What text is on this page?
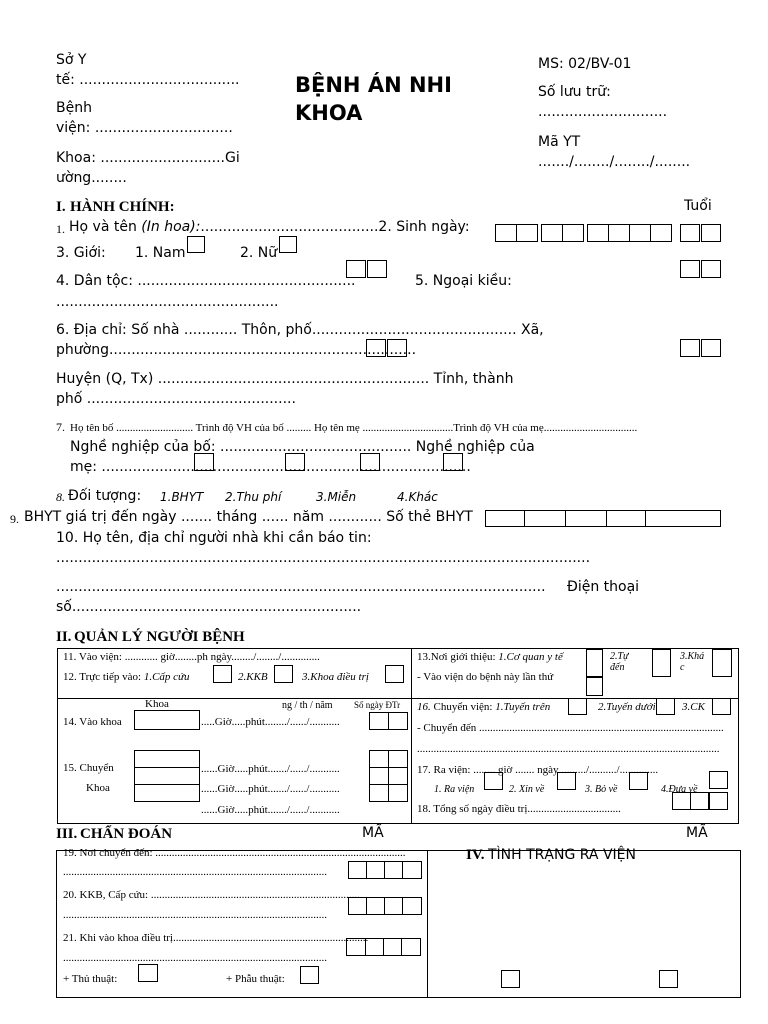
Sở Y
tế: ....................................
Bệnh
viện: ...............................
Khoa: ............................Gi
ường........
BỆNH ÁN NHI
KHOA
MS: 02/BV-01
Số lưu trữ:
.............................
Mã YT
......./......../......../........
I. HÀNH CHÍNH:	Tuổi
1. Họ và tên (In hoa):........................................2. Sinh ngày:
3. Giới: 1. Nam	2. Nữ
4. Dân tộc: .................................................	5. Ngoại kiều:
..................................................
6. Địa chỉ: Số nhà ............ Thôn, phố.............................................. Xã,
phường.....................................................................
Huyện (Q, Tx) ............................................................. Tỉnh, thành
phố ...............................................
7. Họ tên bố ............................ Trình độ VH của bố ......... Họ tên mẹ .................................Trình độ VH của mẹ..................................
Nghề nghiệp của bố: ........................................... Nghề nghiệp của
mẹ: ...................................................................................
8. Đối tượng: 1.BHYT 2.Thu phí	3.Miễn	4.Khác
9. BHYT giá trị đến ngày ....... tháng ...... năm ............ Số thẻ BHYT
10. Họ tên, địa chỉ người nhà khi cần báo tin:
........................................................................................................................
.............................................................................................................. Điện thoại
số.................................................................
II. QUẢN LÝ NGƯỜI BỆNH
11. Vào viện: ............ giờ........ph ngày......../......../..............
12. Trực tiếp vào: 1.Cấp cứu	2.KKB	3.Khoa điều trị
13.Nơi giới thiệu: 1.Cơ quan y tế	2.Tự
đến
3.Khá
c
- Vào viện do bệnh này lần thứ
Khoa	ng / th / năm Số ngày ĐTr
14. Vào khoa	.....Giờ.....phút......../....../...........
15. Chuyển
Khoa
......Giờ.....phút......./....../...........
......Giờ.....phút......./....../...........
......Giờ.....phút......./....../...........
16. Chuyển viện: 1.Tuyến trên	2.Tuyến dưới 3.CK
- Chuyển đến .........................................................................................
..............................................................................................................
17. Ra viện: ........ giờ ....... ngày ........./........../..............
1. Ra viện	2. Xin về	3. Bỏ về	4.Đưa về
18. Tổng số ngày điều trị..................................
III. CHẨN ĐOÁN	MÃ	MÃ
19. Nơi chuyển đến: ...........................................................................................
................................................................................................
20. KKB, Cấp cứu: ............................................................................
................................................................................................
21. Khi vào khoa điều trị.......................................................................
................................................................................................
+ Thủ thuật:	+ Phẫu thuật:
IV. TÌNH TRẠNG RA VIỆN
